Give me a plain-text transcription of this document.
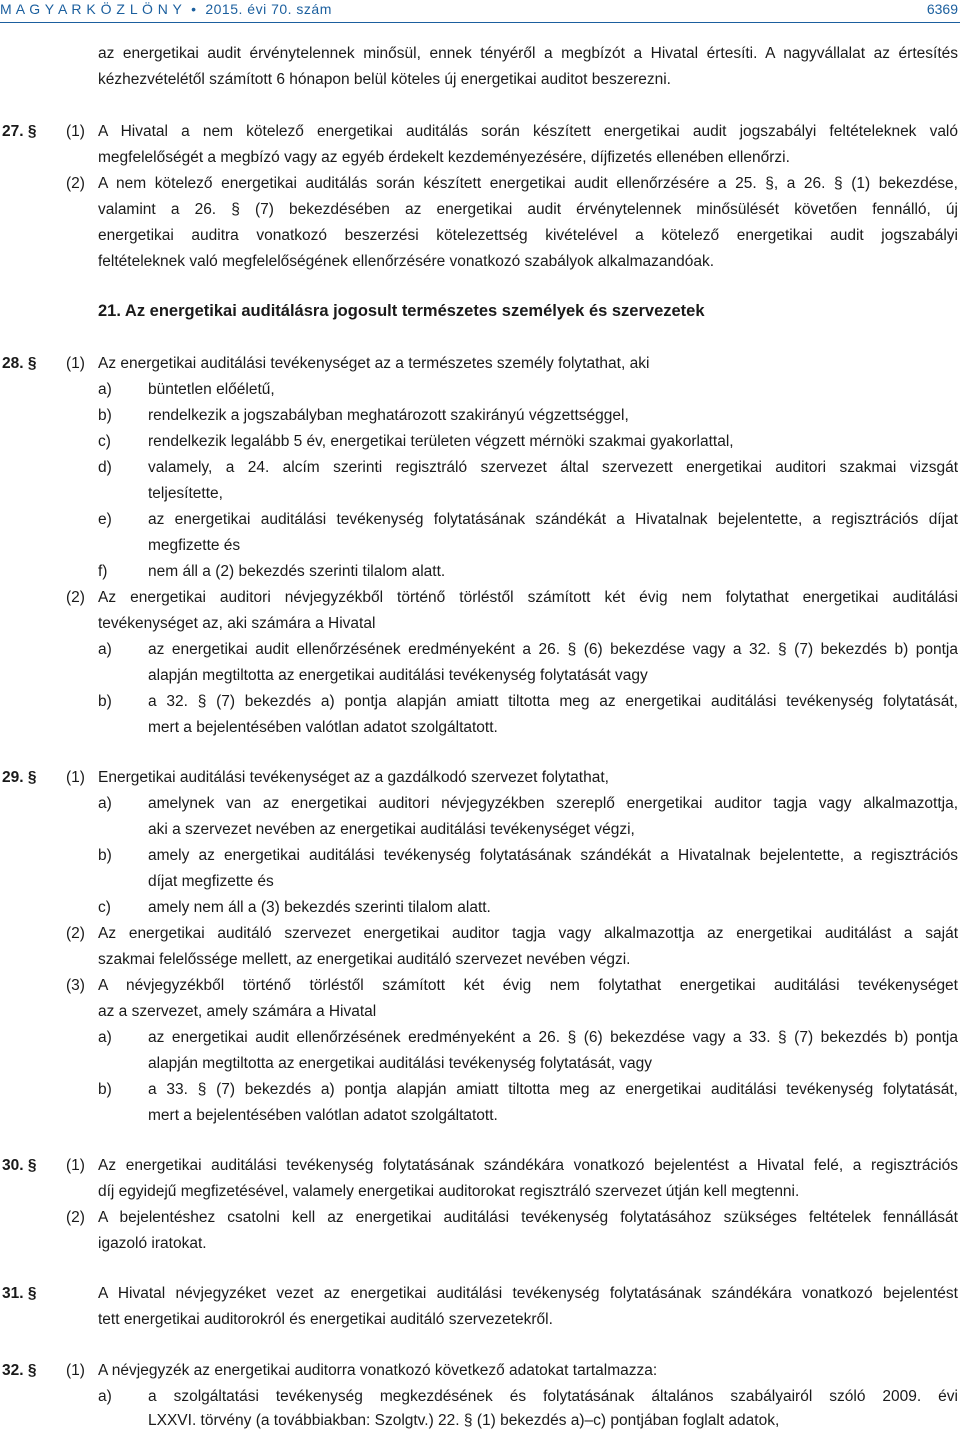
M A G Y A R K Ö Z L Ö N Y • 2015. évi 70. szám	6369
az energetikai audit érvénytelennek minősül, ennek tényéről a megbízót a Hivatal értesíti. A nagyvállalat az értesítés
kézhezvételétől számított 6 hónapon belül köteles új energetikai auditot beszerezni.
27. § (1) A Hivatal a nem kötelező energetikai auditálás során készített energetikai audit jogszabályi feltételeknek való
megfelelőségét a megbízó vagy az egyéb érdekelt kezdeményezésére, díjfizetés ellenében ellenőrzi.
(2) A nem kötelező energetikai auditálás során készített energetikai audit ellenőrzésére a 25. §, a 26. § (1) bekezdése,
valamint a 26. § (7) bekezdésében az energetikai audit érvénytelennek minősülését követően fennálló, új
energetikai auditra vonatkozó beszerzési kötelezettség kivételével a kötelező energetikai audit jogszabályi
feltételeknek való megfelelőségének ellenőrzésére vonatkozó szabályok alkalmazandóak.
21. Az energetikai auditálásra jogosult természetes személyek és szervezetek
28. § (1) Az energetikai auditálási tevékenységet az a természetes személy folytathat, aki
a) büntetlen előéletű,
b) rendelkezik a jogszabályban meghatározott szakirányú végzettséggel,
c) rendelkezik legalább 5 év, energetikai területen végzett mérnöki szakmai gyakorlattal,
d) valamely, a 24. alcím szerinti regisztráló szervezet által szervezett energetikai auditori szakmai vizsgát
teljesítette,
e) az energetikai auditálási tevékenység folytatásának szándékát a Hivatalnak bejelentette, a regisztrációs díjat
megfizette és
f)	nem áll a (2) bekezdés szerinti tilalom alatt.
(2) Az energetikai auditori névjegyzékből történő törléstől számított két évig nem folytathat energetikai auditálási
tevékenységet az, aki számára a Hivatal
a) az energetikai audit ellenőrzésének eredményeként a 26. § (6) bekezdése vagy a 32. § (7) bekezdés b) pontja
alapján megtiltotta az energetikai auditálási tevékenység folytatását vagy
b) a 32. § (7) bekezdés a) pontja alapján amiatt tiltotta meg az energetikai auditálási tevékenység folytatását,
mert a bejelentésében valótlan adatot szolgáltatott.
29. § (1) Energetikai auditálási tevékenységet az a gazdálkodó szervezet folytathat,
a) amelynek van az energetikai auditori névjegyzékben szereplő energetikai auditor tagja vagy alkalmazottja,
aki a szervezet nevében az energetikai auditálási tevékenységet végzi,
b) amely az energetikai auditálási tevékenység folytatásának szándékát a Hivatalnak bejelentette, a regisztrációs
díjat megfizette és
c) amely nem áll a (3) bekezdés szerinti tilalom alatt.
(2) Az energetikai auditáló szervezet energetikai auditor tagja vagy alkalmazottja az energetikai auditálást a saját
szakmai felelőssége mellett, az energetikai auditáló szervezet nevében végzi.
(3) A névjegyzékből történő törléstől számított két évig nem folytathat energetikai auditálási tevékenységet
az a szervezet, amely számára a Hivatal
a) az energetikai audit ellenőrzésének eredményeként a 26. § (6) bekezdése vagy a 33. § (7) bekezdés b) pontja
alapján megtiltotta az energetikai auditálási tevékenység folytatását, vagy
b) a 33. § (7) bekezdés a) pontja alapján amiatt tiltotta meg az energetikai auditálási tevékenység folytatását,
mert a bejelentésében valótlan adatot szolgáltatott.
30. § (1) Az energetikai auditálási tevékenység folytatásának szándékára vonatkozó bejelentést a Hivatal felé, a regisztrációs
díj egyidejű megfizetésével, valamely energetikai auditorokat regisztráló szervezet útján kell megtenni.
(2) A bejelentéshez csatolni kell az energetikai auditálási tevékenység folytatásához szükséges feltételek fennállását
igazoló iratokat.
31. §	A Hivatal névjegyzéket vezet az energetikai auditálási tevékenység folytatásának szándékára vonatkozó bejelentést
tett energetikai auditorokról és energetikai auditáló szervezetekről.
32. § (1) A névjegyzék az energetikai auditorra vonatkozó következő adatokat tartalmazza:
a) a szolgáltatási tevékenység megkezdésének és folytatásának általános szabályairól szóló 2009. évi
LXXVI. törvény (a továbbiakban: Szolgtv.) 22. § (1) bekezdés a)–c) pontjában foglalt adatok,
